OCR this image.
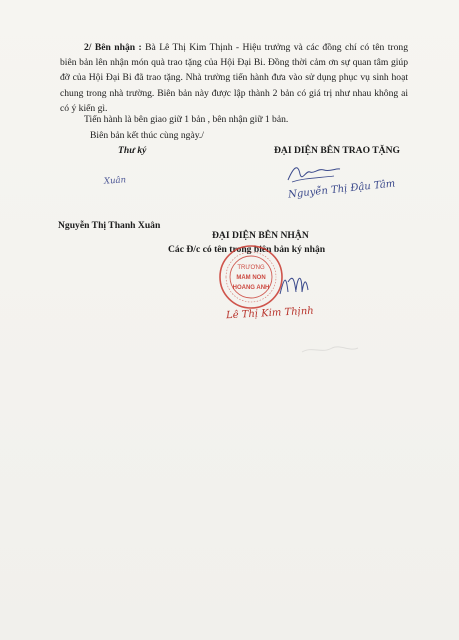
2/ Bên nhận : Bà Lê Thị Kim Thịnh - Hiệu trưởng và các đồng chí có tên trong biên bản lên nhận món quà trao tặng của Hội Đại Bi. Đồng thời cảm ơn sự quan tâm giúp đỡ của Hội Đại Bi đã trao tặng. Nhà trường tiến hành đưa vào sử dụng phục vụ sinh hoạt chung trong nhà trường. Biên bản này được lập thành 2 bản có giá trị như nhau không ai có ý kiến gì.
Tiến hành là bên giao giữ 1 bản , bên nhận giữ 1 bản.
Biên bản kết thúc cùng ngày./
Thư ký	ĐẠI DIỆN BÊN TRAO TẶNG
Nguyễn Thị Đậu Tâm
Xuân
Nguyễn Thị Thanh Xuân
ĐẠI DIỆN BÊN NHẬN
Các Đ/c có tên trong biên bản ký nhận
TRƯỜNG
MẦM NON
HOÀNG ANH
Lê Thị Kim Thịnh
